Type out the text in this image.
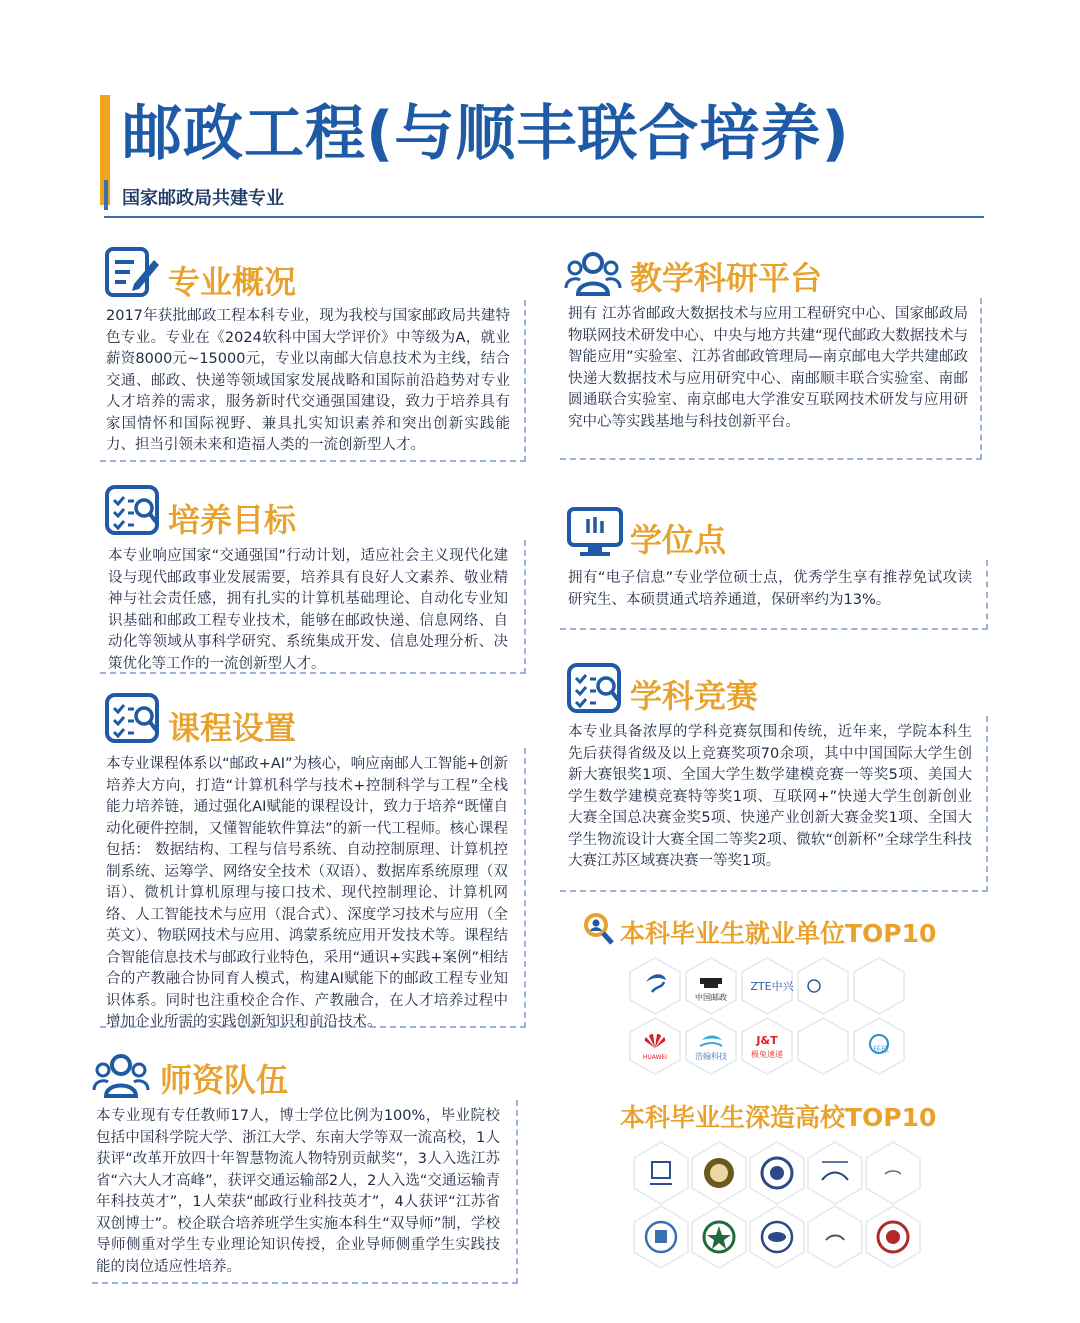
邮政工程(与顺丰联合培养)
国家邮政局共建专业
专业概况
2017年获批邮政工程本科专业，现为我校与国家邮政局共建特色专业。专业在《2024软科中国大学评价》中等级为A，就业薪资8000元~15000元，专业以南邮大信息技术为主线，结合交通、邮政、快递等领域国家发展战略和国际前沿趋势对专业人才培养的需求，服务新时代交通强国建设，致力于培养具有家国情怀和国际视野、兼具扎实知识素养和突出创新实践能力、担当引领未来和造福人类的一流创新型人才。
培养目标
本专业响应国家“交通强国”行动计划，适应社会主义现代化建设与现代邮政事业发展需要，培养具有良好人文素养、敬业精神与社会责任感，拥有扎实的计算机基础理论、自动化专业知识基础和邮政工程专业技术，能够在邮政快递、信息网络、自动化等领域从事科学研究、系统集成开发、信息处理分析、决策优化等工作的一流创新型人才。
课程设置
本专业课程体系以“邮政+AI”为核心，响应南邮人工智能+创新培养大方向，打造“计算机科学与技术+控制科学与工程”全栈能力培养链，通过强化AI赋能的课程设计，致力于培养“既懂自动化硬件控制，又懂智能软件算法”的新一代工程师。核心课程包括： 数据结构、工程与信号系统、自动控制原理、计算机控制系统、运筹学、网络安全技术（双语）、数据库系统原理（双语）、微机计算机原理与接口技术、现代控制理论、计算机网络、人工智能技术与应用（混合式）、深度学习技术与应用（全英文）、物联网技术与应用、鸿蒙系统应用开发技术等。课程结合智能信息技术与邮政行业特色，采用“通识+实践+案例”相结合的产教融合协同育人模式，构建AI赋能下的邮政工程专业知识体系。同时也注重校企合作、产教融合，在人才培养过程中增加企业所需的实践创新知识和前沿技术。
师资队伍
本专业现有专任教师17人，博士学位比例为100%，毕业院校包括中国科学院大学、浙江大学、东南大学等双一流高校，1人获评“改革开放四十年智慧物流人物特别贡献奖”，3人入选江苏省“六大人才高峰”，获评交通运输部2人，2人入选“交通运输青年科技英才”，1人荣获“邮政行业科技英才”，4人获评“江苏省双创博士”。校企联合培养班学生实施本科生“双导师”制，学校导师侧重对学生专业理论知识传授，企业导师侧重学生实践技能的岗位适应性培养。
教学科研平台
拥有 江苏省邮政大数据技术与应用工程研究中心、国家邮政局物联网技术研发中心、中央与地方共建“现代邮政大数据技术与智能应用”实验室、江苏省邮政管理局—南京邮电大学共建邮政快递大数据技术与应用研究中心、南邮顺丰联合实验室、南邮圆通联合实验室、南京邮电大学淮安互联网技术研发与应用研究中心等实践基地与科技创新平台。
学位点
拥有“电子信息”专业学位硕士点，优秀学生享有推荐免试攻读研究生、本硕贯通式培养通道，保研率约为13%。
学科竞赛
本专业具备浓厚的学科竞赛氛围和传统，近年来，学院本科生先后获得省级及以上竞赛奖项70余项，其中中国国际大学生创新大赛银奖1项、全国大学生数学建模竞赛一等奖5项、美国大学生数学建模竞赛特等奖1项、互联网+”快递大学生创新创业大赛全国总决赛金奖5项、快递产业创新大赛金奖1项、全国大学生物流设计大赛全国二等奖2项、微软“创新杯”全球学生科技大赛江苏区域赛决赛一等奖1项。
本科毕业生就业单位TOP10
中国邮政
ZTE中兴
HUAWEI	浩翰科技
J&T
极兔速递
环球
本科毕业生深造高校TOP10
